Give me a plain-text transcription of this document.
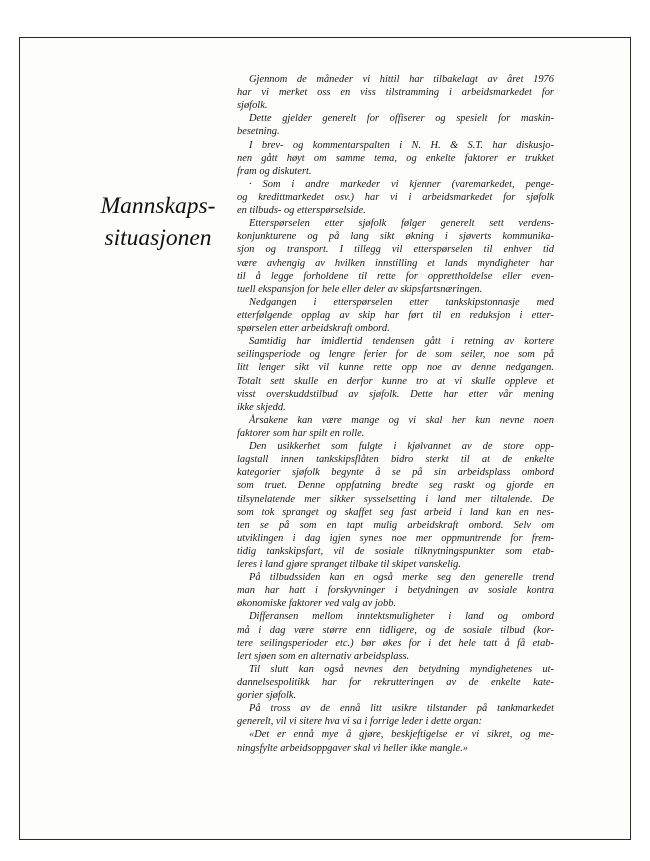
Mannskaps-
situasjonen

Gjennom de måneder vi hittil har tilbakelagt av året 1976
har vi merket oss en viss tilstramming i arbeidsmarkedet for
sjøfolk.

Dette gjelder generelt for offiserer og spesielt for maskin-
besetning.

I brev- og kommentarspalten i N. H. & S.T. har diskusjo-
nen gått høyt om samme tema, og enkelte faktorer er trukket
fram og diskutert.

· Som i andre markeder vi kjenner (varemarkedet, penge-
og kredittmarkedet osv.) har vi i arbeidsmarkedet for sjøfolk
en tilbuds- og etterspørselside.

Etterspørselen etter sjøfolk følger generelt sett verdens-
konjunkturene og på lang sikt økning i sjøverts kommunika-
sjon og transport. I tillegg vil etterspørselen til enhver tid
være avhengig av hvilken innstilling et lands myndigheter har
til å legge forholdene til rette for opprettholdelse eller even-
tuell ekspansjon for hele eller deler av skipsfartsnæringen.

Nedgangen i etterspørselen etter tankskipstonnasje med
etterfølgende opplag av skip har ført til en reduksjon i etter-
spørselen etter arbeidskraft ombord.

Samtidig har imidlertid tendensen gått i retning av kortere
seilingsperiode og lengre ferier for de som seiler, noe som på
litt lenger sikt vil kunne rette opp noe av denne nedgangen.
Totalt sett skulle en derfor kunne tro at vi skulle oppleve et
visst overskuddstilbud av sjøfolk. Dette har etter vår mening
ikke skjedd.

Årsakene kan være mange og vi skal her kun nevne noen
faktorer som har spilt en rolle.

Den usikkerhet som fulgte i kjølvannet av de store opp-
lagstall innen tankskipsflåten bidro sterkt til at de enkelte
kategorier sjøfolk begynte å se på sin arbeidsplass ombord
som truet. Denne oppfatning bredte seg raskt og gjorde en
tilsynelatende mer sikker sysselsetting i land mer tiltalende. De
som tok spranget og skaffet seg fast arbeid i land kan en nes-
ten se på som en tapt mulig arbeidskraft ombord. Selv om
utviklingen i dag igjen synes noe mer oppmuntrende for frem-
tidig tankskipsfart, vil de sosiale tilknytningspunkter som etab-
leres i land gjøre spranget tilbake til skipet vanskelig.

På tilbudssiden kan en også merke seg den generelle trend
man har hatt i forskyvninger i betydningen av sosiale kontra
økonomiske faktorer ved valg av jobb.

Differansen mellom inntektsmuligheter i land og ombord
må i dag være større enn tidligere, og de sosiale tilbud (kor-
tere seilingsperioder etc.) bør økes for i det hele tatt å få etab-
lert sjøen som en alternativ arbeidsplass.

Til slutt kan også nevnes den betydning myndighetenes ut-
dannelsespolitikk har for rekrutteringen av de enkelte kate-
gorier sjøfolk.

På tross av de ennå litt usikre tilstander på tankmarkedet
generelt, vil vi sitere hva vi sa i forrige leder i dette organ:

«Det er ennå mye å gjøre, beskjeftigelse er vi sikret, og me-
ningsfylte arbeidsoppgaver skal vi heller ikke mangle.»
